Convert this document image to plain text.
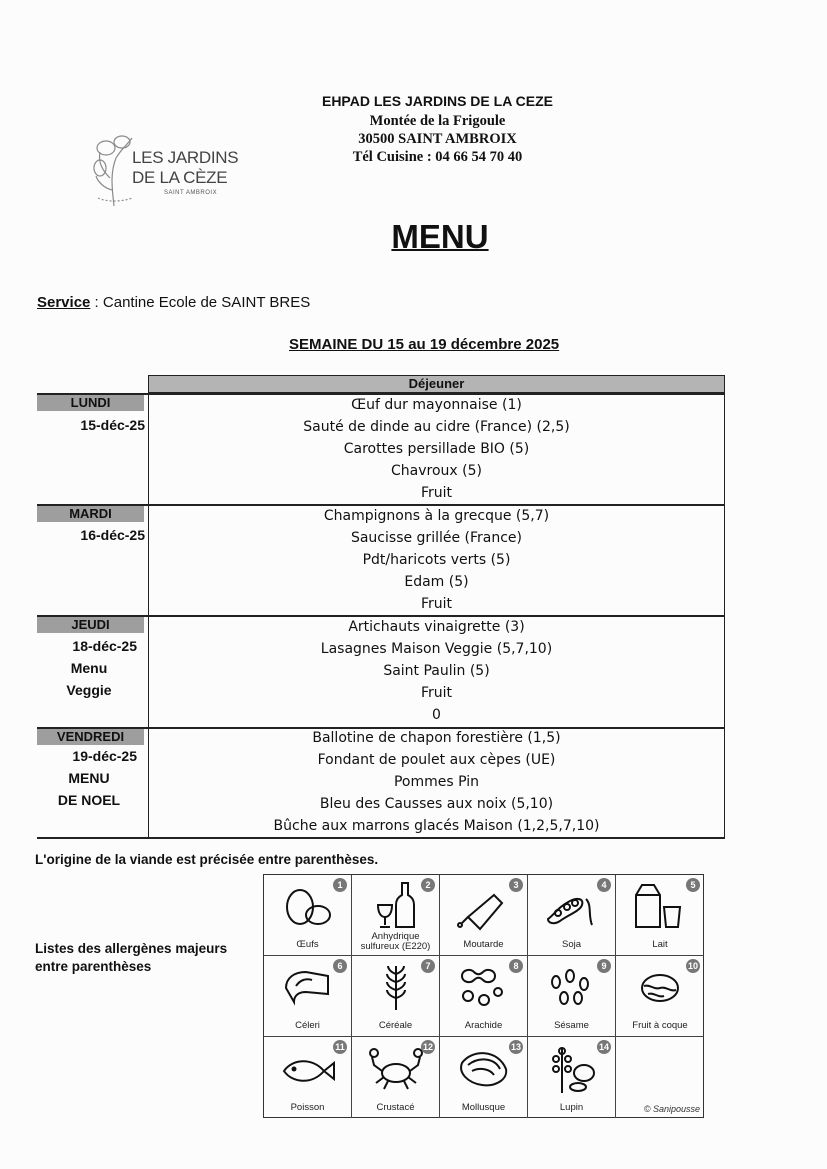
LES JARDINS
DE LA CÈZE
SAINT AMBROIX
EHPAD LES JARDINS DE LA CEZE
Montée de la Frigoule
30500 SAINT AMBROIX
Tél Cuisine : 04 66 54 70 40
MENU
Service : Cantine Ecole de SAINT BRES
SEMAINE DU 15 au 19 décembre 2025
Déjeuner
LUNDI
15-déc-25
Œuf dur mayonnaise (1)
Sauté de dinde au cidre (France) (2,5)
Carottes persillade BIO (5)
Chavroux (5)
Fruit
MARDI
16-déc-25
Champignons à la grecque (5,7)
Saucisse grillée (France)
Pdt/haricots verts (5)
Edam (5)
Fruit
JEUDI
18-déc-25
Menu
Veggie
Artichauts vinaigrette (3)
Lasagnes Maison Veggie (5,7,10)
Saint Paulin (5)
Fruit
0
VENDREDI
19-déc-25
MENU
DE NOEL
Ballotine de chapon forestière (1,5)
Fondant de poulet aux cèpes (UE)
Pommes Pin
Bleu des Causses aux noix (5,10)
Bûche aux marrons glacés Maison (1,2,5,7,10)
L'origine de la viande est précisée entre parenthèses.
Listes des allergènes majeurs
entre parenthèses
1
Œufs
2
Anhydrique sulfureux (E220)
3
Moutarde
4
Soja
5
Lait
6
Céleri
7
Céréale
8
Arachide
9
Sésame
10
Fruit à coque
11
Poisson
12
Crustacé
13
Mollusque
14
Lupin	© Sanipousse
